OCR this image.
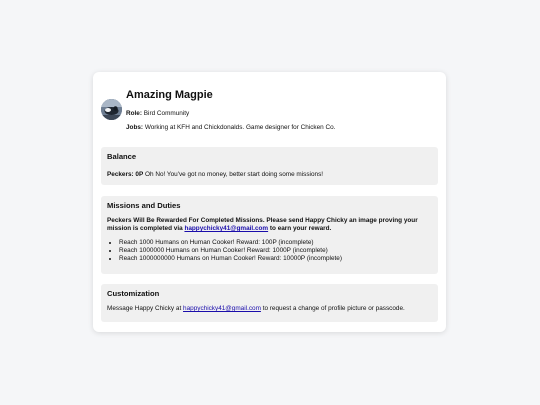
Amazing Magpie
Role: Bird Community
Jobs: Working at KFH and Chickdonalds. Game designer for Chicken Co.
Balance
Peckers: 0P Oh No! You've got no money, better start doing some missions!
Missions and Duties
Peckers Will Be Rewarded For Completed Missions. Please send Happy Chicky an image proving your mission is completed via happychicky41@gmail.com to earn your reward.
• Reach 1000 Humans on Human Cooker! Reward: 100P (incomplete)
• Reach 1000000 Humans on Human Cooker! Reward: 1000P (incomplete)
• Reach 1000000000 Humans on Human Cooker! Reward: 10000P (incomplete)
Customization
Message Happy Chicky at happychicky41@gmail.com to request a change of profile picture or passcode.
